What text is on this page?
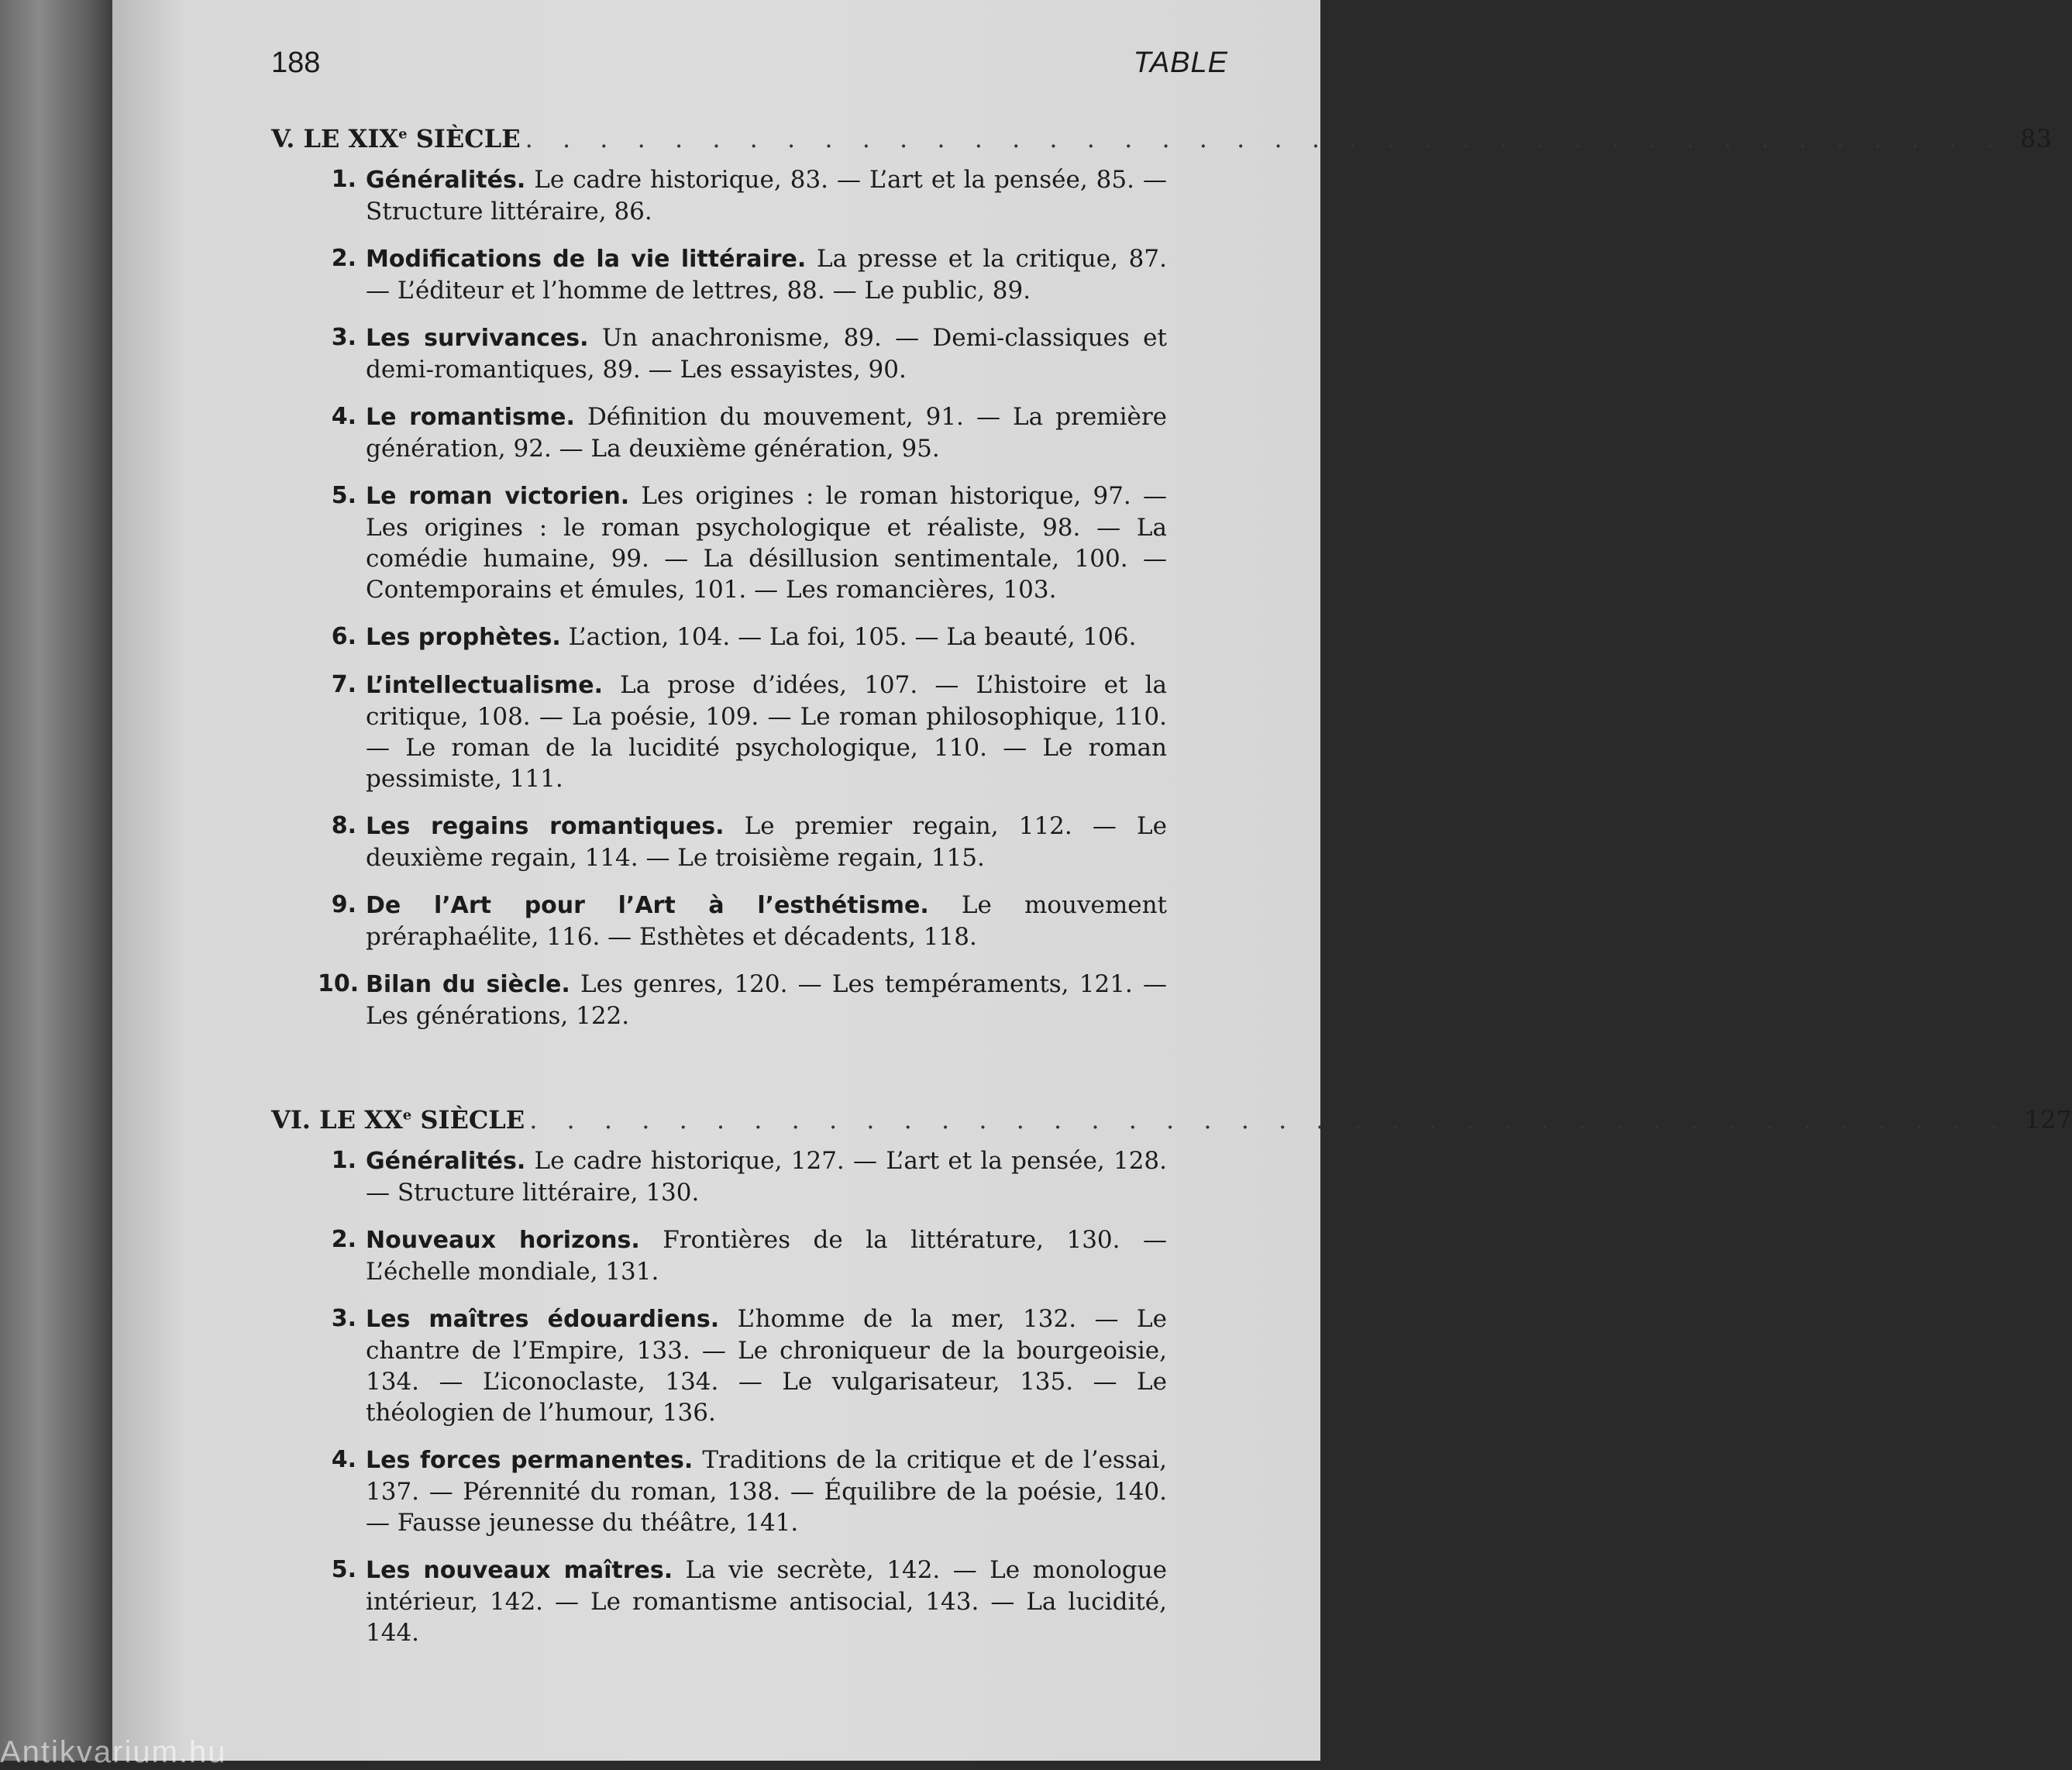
188	TABLE
V. LE XIXe SIÈCLE . . . . . . . . . . . . . . . . . . . . . . . . . . . . . . . . . . . . . . . . 83
1. Généralités. Le cadre historique, 83. — L’art et la pensée, 85. — Structure littéraire, 86.
2. Modifications de la vie littéraire. La presse et la critique, 87. — L’éditeur et l’homme de lettres, 88. — Le public, 89.
3. Les survivances. Un anachronisme, 89. — Demi-classiques et demi-romantiques, 89. — Les essayistes, 90.
4. Le romantisme. Définition du mouvement, 91. — La première génération, 92. — La deuxième génération, 95.
5. Le roman victorien. Les origines : le roman historique, 97. — Les origines : le roman psychologique et réaliste, 98. — La comédie humaine, 99. — La désillusion sentimentale, 100. — Contemporains et émules, 101. — Les romancières, 103.
6. Les prophètes. L’action, 104. — La foi, 105. — La beauté, 106.
7. L’intellectualisme. La prose d’idées, 107. — L’histoire et la critique, 108. — La poésie, 109. — Le roman philosophique, 110. — Le roman de la lucidité psychologique, 110. — Le roman pessimiste, 111.
8. Les regains romantiques. Le premier regain, 112. — Le deuxième regain, 114. — Le troisième regain, 115.
9. De l’Art pour l’Art à l’esthétisme. Le mouvement préraphaélite, 116. — Esthètes et décadents, 118.
10. Bilan du siècle. Les genres, 120. — Les tempéraments, 121. — Les générations, 122.
VI. LE XXe SIÈCLE . . . . . . . . . . . . . . . . . . . . . . . . . . . . . . . . . . . . . . . . 127
1. Généralités. Le cadre historique, 127. — L’art et la pensée, 128. — Structure littéraire, 130.
2. Nouveaux horizons. Frontières de la littérature, 130. — L’échelle mondiale, 131.
3. Les maîtres édouardiens. L’homme de la mer, 132. — Le chantre de l’Empire, 133. — Le chroniqueur de la bourgeoisie, 134. — L’iconoclaste, 134. — Le vulgarisateur, 135. — Le théologien de l’humour, 136.
4. Les forces permanentes. Traditions de la critique et de l’essai, 137. — Pérennité du roman, 138. — Équilibre de la poésie, 140. — Fausse jeunesse du théâtre, 141.
5. Les nouveaux maîtres. La vie secrète, 142. — Le monologue intérieur, 142. — Le romantisme antisocial, 143. — La lucidité, 144.
Antikvarium.hu
